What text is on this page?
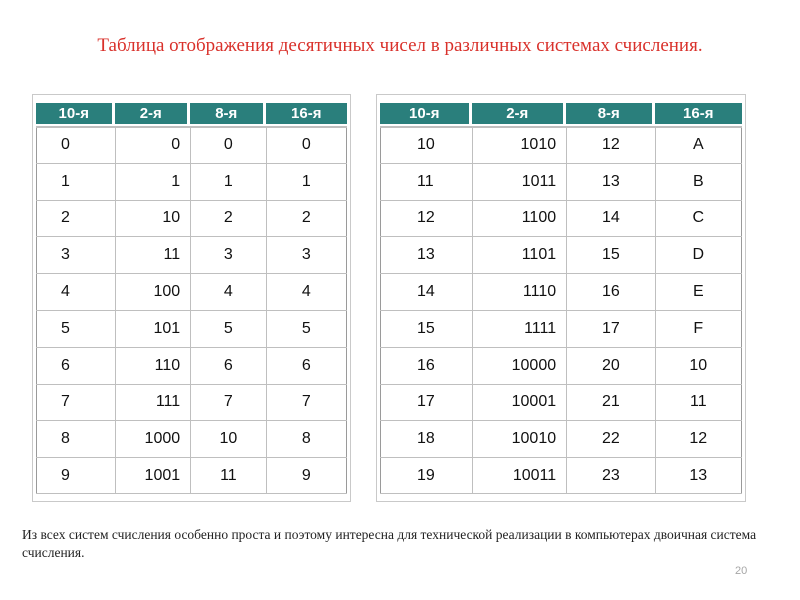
Таблица отображения десятичных чисел в различных системах счисления.
10-я	2-я	8-я	16-я
0	0	0	0
1	1	1	1
2	10	2	2
3	11	3	3
4	100	4	4
5	101	5	5
6	110	6	6
7	111	7	7
8	1000	10	8
9	1001	11	9
10-я	2-я	8-я	16-я
10	1010	12	A
11	1011	13	B
12	1100	14	C
13	1101	15	D
14	1110	16	E
15	1111	17	F
16	10000	20	10
17	10001	21	11
18	10010	22	12
19	10011	23	13
Из всех систем счисления особенно проста и поэтому интересна для технической реализации в компьютерах двоичная система счисления.
20
